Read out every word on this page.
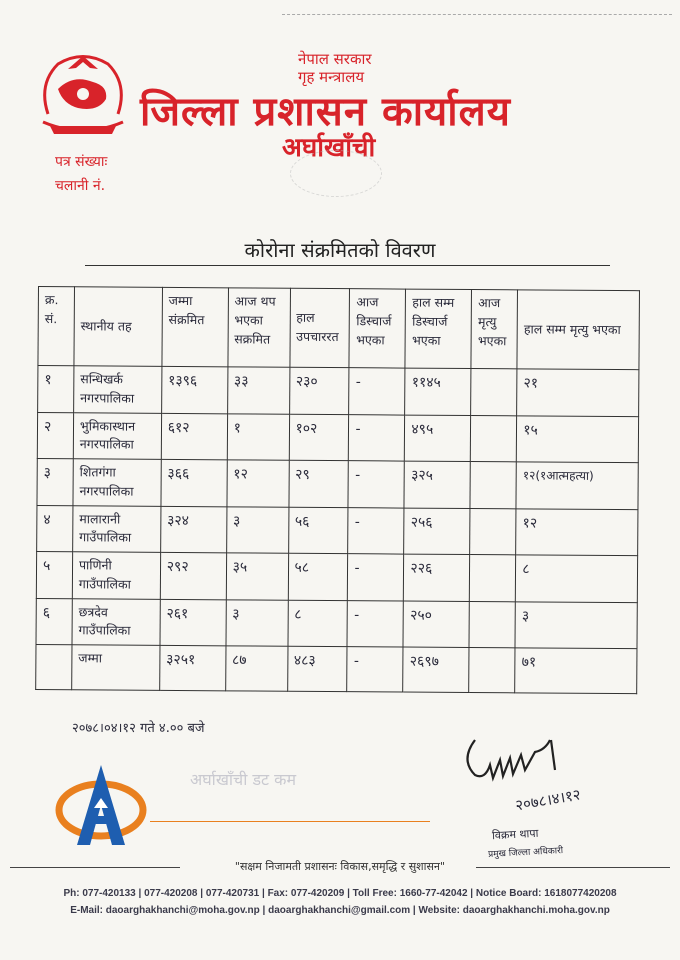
नेपाल सरकार
गृह मन्त्रालय
जिल्ला प्रशासन कार्यालय
अर्घाखाँची
पत्र संख्याः
चलानी नं.
कोरोना संक्रमितको विवरण
क्र. सं.	स्थानीय तह	जम्मा संक्रमित	आज थप भएका सक्रमित	हाल उपचाररत	आज डिस्चार्ज भएका	हाल सम्म डिस्चार्ज भएका	आज मृत्यु भएका	हाल सम्म मृत्यु भएका
१	सन्धिखर्क नगरपालिका	१३९६	३३	२३०	-	११४५		२१
२	भुमिकास्थान नगरपालिका	६१२	१	१०२	-	४९५		१५
३	शितगंगा नगरपालिका	३६६	१२	२९	-	३२५		१२(१आत्महत्या)
४	मालारानी गाउँपालिका	३२४	३	५६	-	२५६		१२
५	पाणिनी गाउँपालिका	२९२	३५	५८	-	२२६		८
६	छत्रदेव गाउँपालिका	२६१	३	८	-	२५०		३
	जम्मा	३२५१	८७	४८३	-	२६९७		७१
२०७८।०४।१२ गते ४.०० बजे
२०७८।४।१२
विक्रम थापा
प्रमुख जिल्ला अधिकारी
अर्घाखाँची डट कम
"सक्षम निजामती प्रशासनः विकास,समृद्धि र सुशासन"
Ph: 077-420133 | 077-420208 | 077-420731 | Fax: 077-420209 | Toll Free: 1660-77-42042 | Notice Board: 1618077420208
E-Mail: daoarghakhanchi@moha.gov.np | daoarghakhanchi@gmail.com | Website: daoarghakhanchi.moha.gov.np
